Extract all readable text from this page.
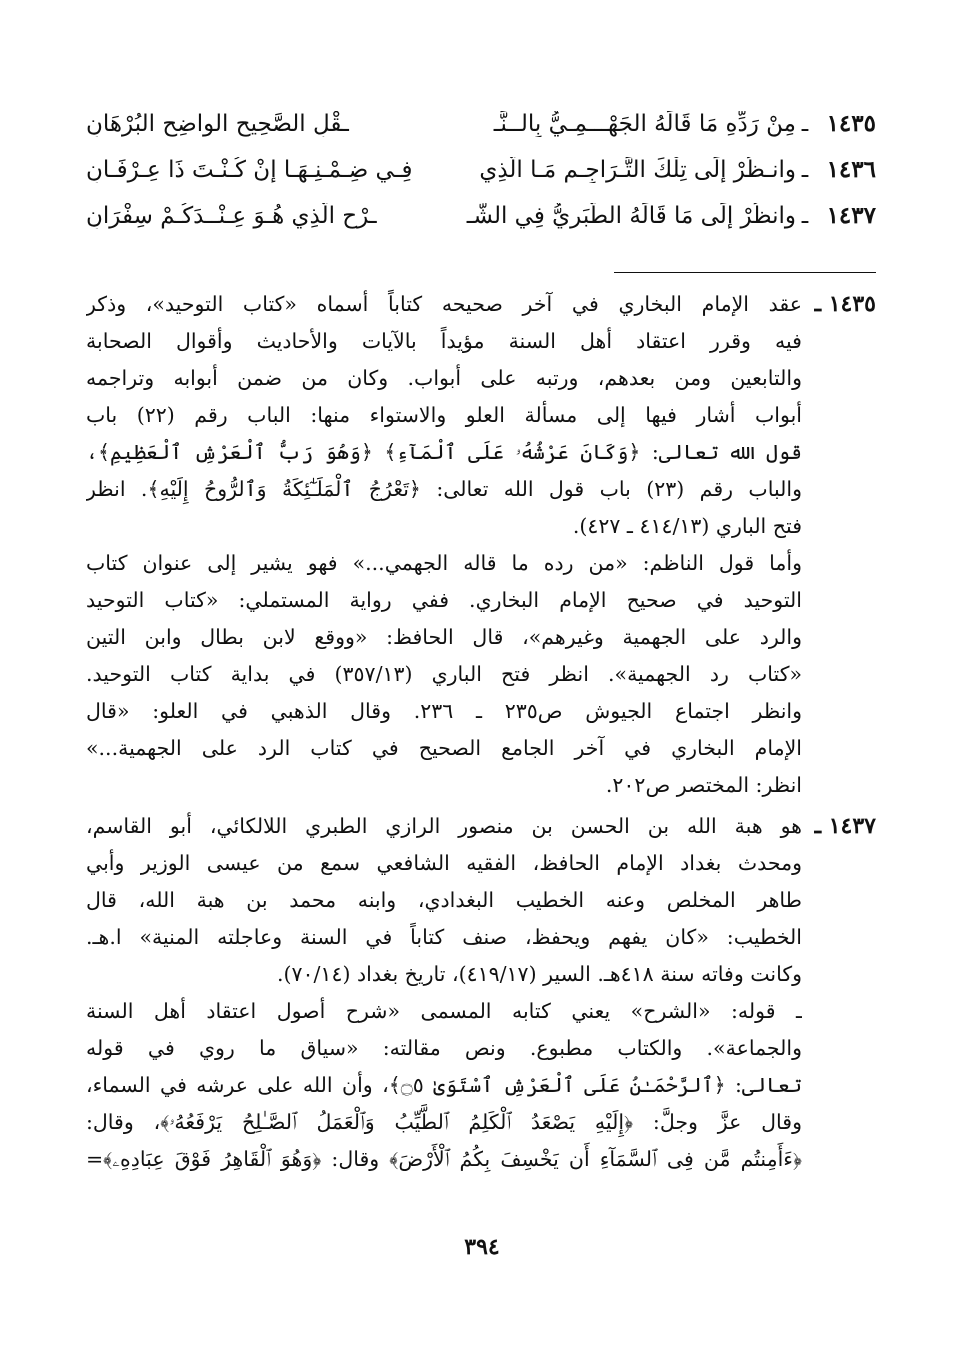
١٤٣٥
ـ
مِنْ رَدِّهِ مَا قَالَهُ الجَهْـــمِـيُّ بِالــنَّـ
ـقْلِ الصَّحِيحِ الواضِحِ البُرْهَانِ
١٤٣٦
ـ
وانـظُرْ إِلَى تِلْكَ التَّـرَاجِـمِ مَـا الَّذِي
فِـي ضِـمْـنِـهَـا إِنْ كُـنْـتَ ذَا عِـرْفَـانِ
١٤٣٧
ـ
وانظُرْ إِلَى مَا قَالَهُ الطَّبَرِيُّ فِي الشَّـ
ـرْحِ الَّذِي هُـوَ عِـنْــدَكُـمْ سِفْرَانِ
١٤٣٥ ـ
عقد الإمام البخاري في آخر صحيحه كتاباً أسماه «كتاب التوحيد»، وذكر
فيه وقرر اعتقاد أهل السنة مؤيداً بالآيات والأحاديث وأقوال الصحابة
والتابعين ومن بعدهم، ورتبه على أبواب. وكان من ضمن أبوابه وتراجمه
أبواب أشار فيها إلى مسألة العلو والاستواء منها: الباب رقم (٢٢) باب
قول الله تعالى: ﴿وَكَانَ عَرْشُهُۥ عَلَى ٱلْمَآءِ﴾ ﴿وَهُوَ رَبُّ ٱلْعَرْشِ ٱلْعَظِيمِ﴾،
والباب رقم (٢٣) باب قول الله تعالى: ﴿تَعْرُجُ ٱلْمَلَـٰٓئِكَةُ وَٱلرُّوحُ إِلَيْهِ﴾. انظر
فتح الباري (٤١٤/١٣ ـ ٤٢٧).
وأما قول الناظم: «من رده ما قاله الجهمي...» فهو يشير إلى عنوان كتاب
التوحيد في صحيح الإمام البخاري. ففي رواية المستملي: «كتاب التوحيد
والرد على الجهمية وغيرهم»، قال الحافظ: «ووقع لابن بطال وابن التين
«كتاب رد الجهمية». انظر فتح الباري (٣٥٧/١٣) في بداية كتاب التوحيد.
وانظر اجتماع الجيوش ص٢٣٥ ـ ٢٣٦. وقال الذهبي في العلو: «قال
الإمام البخاري في آخر الجامع الصحيح في كتاب الرد على الجهمية...»
انظر: المختصر ص٢٠٢.
١٤٣٧ ـ
هو هبة الله بن الحسن بن منصور الرازي الطبري اللالكائي، أبو القاسم،
ومحدث بغداد الإمام الحافظ، الفقيه الشافعي سمع من عيسى الوزير وأبي
طاهر المخلص وعنه الخطيب البغدادي، وابنه محمد بن هبة الله، قال
الخطيب: «كان يفهم ويحفظ، صنف كتاباً في السنة وعاجلته المنية» ا.هـ.
وكانت وفاته سنة ٤١٨هـ. السير (٤١٩/١٧)، تاريخ بغداد (٧٠/١٤).
ـ قوله: «الشرح» يعني كتابه المسمى «شرح أصول اعتقاد أهل السنة
والجماعة». والكتاب مطبوع. ونص مقالته: «سياق ما روي في قوله
تعالى: ﴿ٱلرَّحْمَـٰنُ عَلَى ٱلْعَرْشِ ٱسْتَوَىٰ ۝٥﴾، وأن الله على عرشه في السماء،
وقال عزَّ وجلَّ: ﴿إِلَيْهِ يَصْعَدُ ٱلْكَلِمُ ٱلطَّيِّبُ وَٱلْعَمَلُ ٱلصَّـٰلِحُ يَرْفَعُهُۥ﴾، وقال:
﴿ءَأَمِنتُم مَّن فِى ٱلسَّمَآءِ أَن يَخْسِفَ بِكُمُ ٱلْأَرْضَ﴾ وقال: ﴿وَهُوَ ٱلْقَاهِرُ فَوْقَ عِبَادِهِۦ﴾=
٣٩٤
